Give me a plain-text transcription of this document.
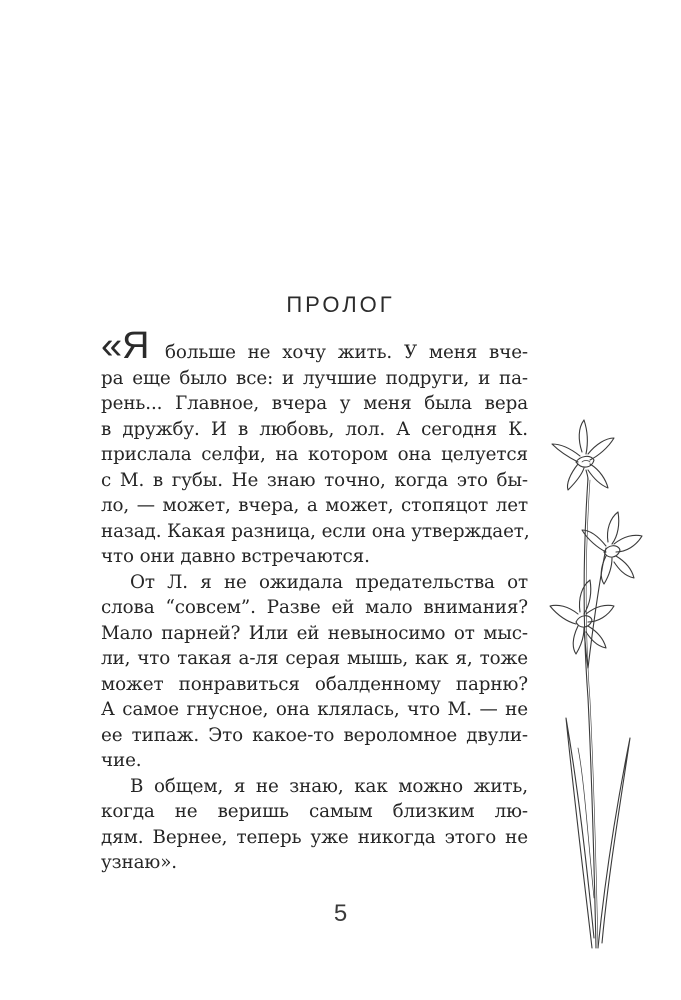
ПРОЛОГ
«Я больше не хочу жить. У меня вче-
ра еще было все: и лучшие подруги, и па-
рень... Главное, вчера у меня была вера
в дружбу. И в любовь, лол. А сегодня К.
прислала селфи, на котором она целуется
с М. в губы. Не знаю точно, когда это бы-
ло, — может, вчера, а может, стопяцот лет
назад. Какая разница, если она утверждает,
что они давно встречаются.
От Л. я не ожидала предательства от
слова “совсем”. Разве ей мало внимания?
Мало парней? Или ей невыносимо от мыс-
ли, что такая а-ля серая мышь, как я, тоже
может понравиться обалденному парню?
А самое гнусное, она клялась, что М. — не
ее типаж. Это какое-то вероломное двули-
чие.
В общем, я не знаю, как можно жить,
когда не веришь самым близким лю-
дям. Вернее, теперь уже никогда этого не
узнаю».
5
